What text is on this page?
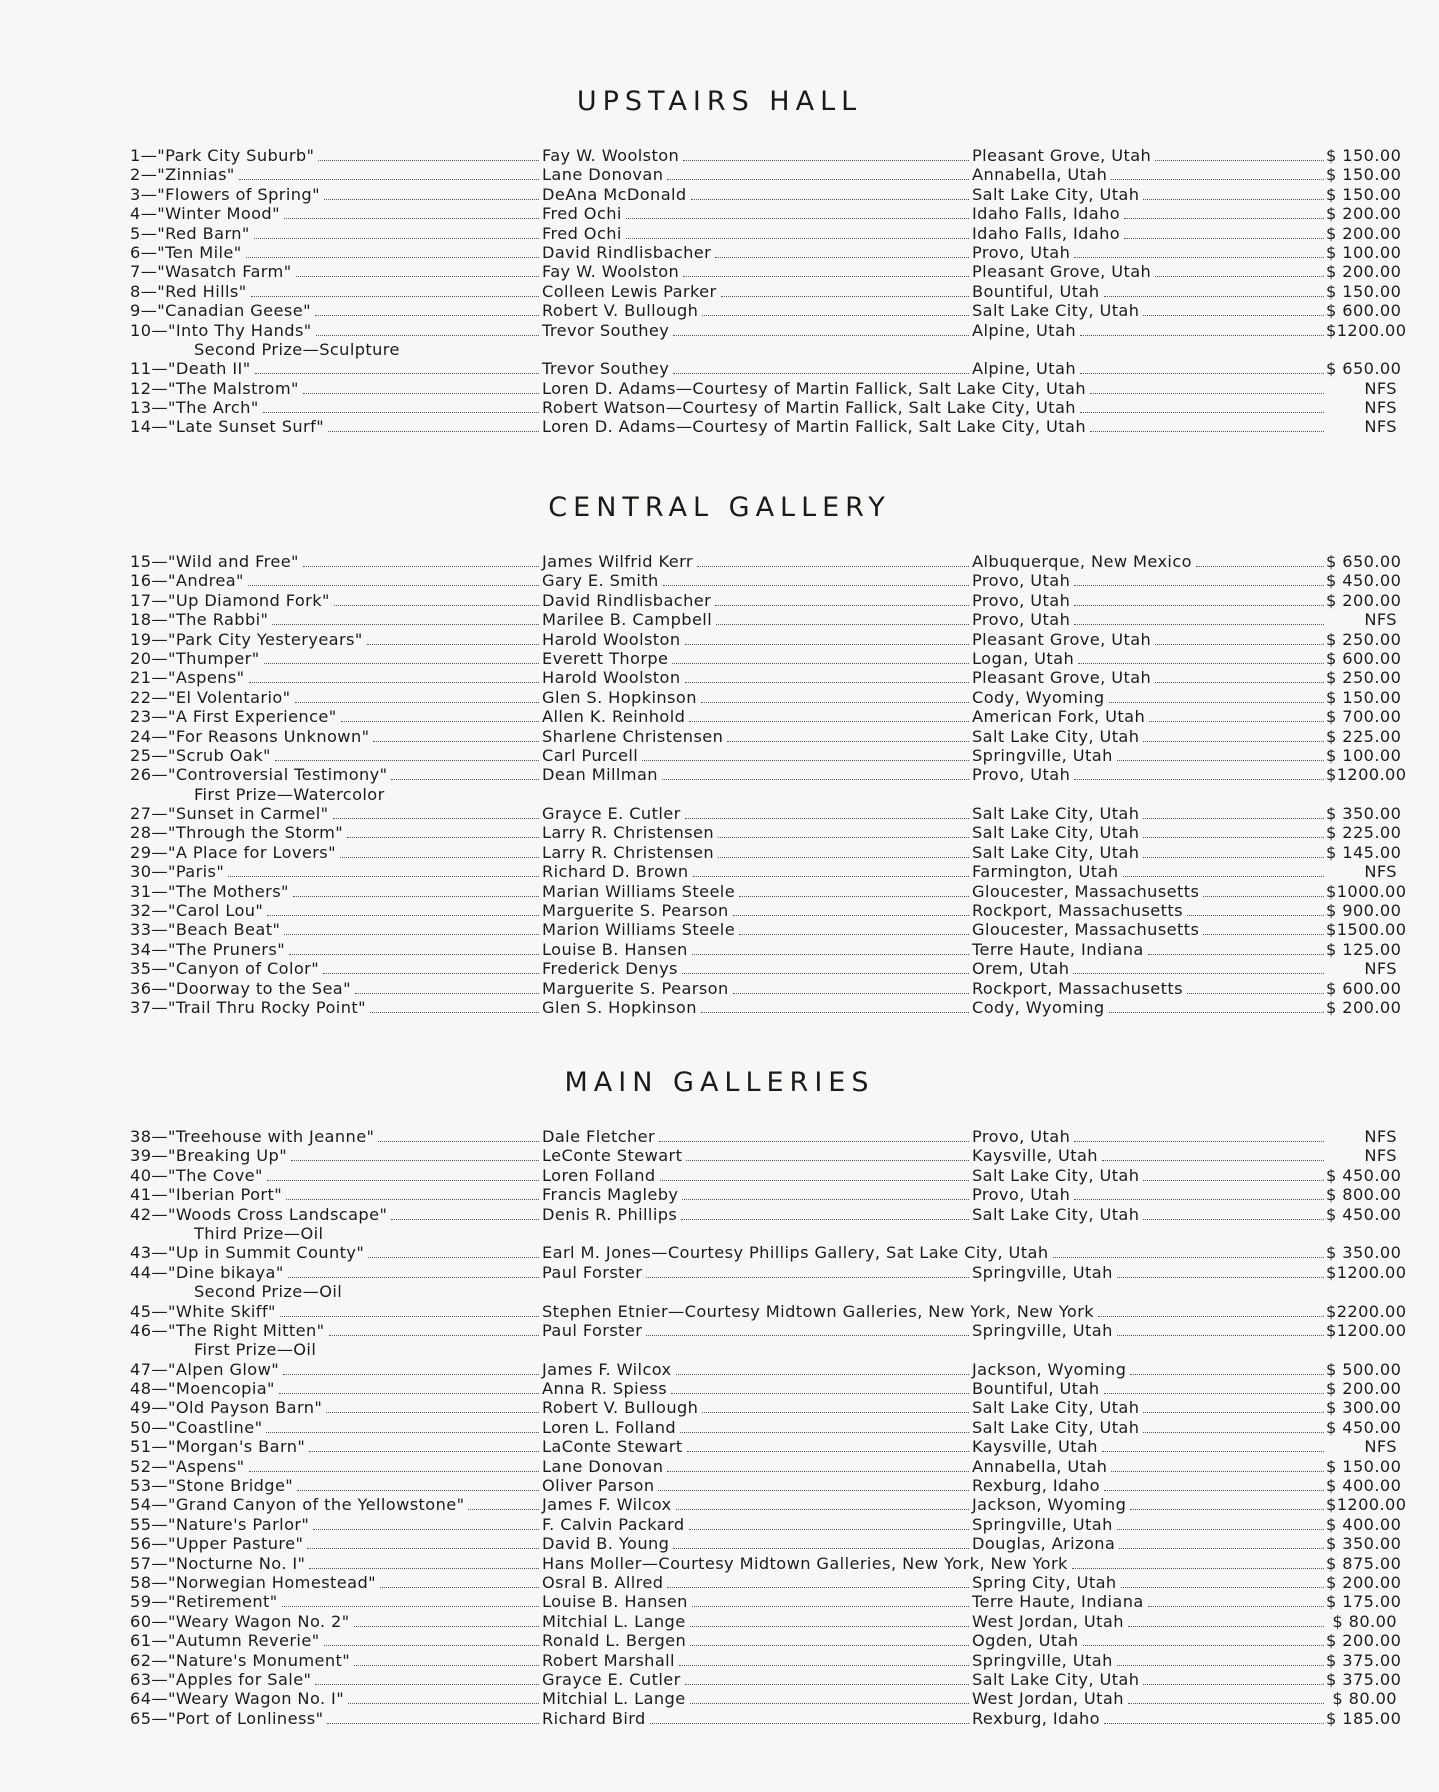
UPSTAIRS HALL
1—"Park City Suburb"	Fay W. Woolston	Pleasant Grove, Utah	$ 150.00
2—"Zinnias"	Lane Donovan	Annabella, Utah	$ 150.00
3—"Flowers of Spring"	DeAna McDonald	Salt Lake City, Utah	$ 150.00
4—"Winter Mood"	Fred Ochi	Idaho Falls, Idaho	$ 200.00
5—"Red Barn"	Fred Ochi	Idaho Falls, Idaho	$ 200.00
6—"Ten Mile"	David Rindlisbacher	Provo, Utah	$ 100.00
7—"Wasatch Farm"	Fay W. Woolston	Pleasant Grove, Utah	$ 200.00
8—"Red Hills"	Colleen Lewis Parker	Bountiful, Utah	$ 150.00
9—"Canadian Geese"	Robert V. Bullough	Salt Lake City, Utah	$ 600.00
10—"Into Thy Hands"	Trevor Southey	Alpine, Utah	$1200.00
Second Prize—Sculpture
11—"Death II"	Trevor Southey	Alpine, Utah	$ 650.00
12—"The Malstrom"	Loren D. Adams—Courtesy of Martin Fallick, Salt Lake City, Utah	NFS
13—"The Arch"	Robert Watson—Courtesy of Martin Fallick, Salt Lake City, Utah	NFS
14—"Late Sunset Surf"	Loren D. Adams—Courtesy of Martin Fallick, Salt Lake City, Utah	NFS
CENTRAL GALLERY
15—"Wild and Free"	James Wilfrid Kerr	Albuquerque, New Mexico	$ 650.00
16—"Andrea"	Gary E. Smith	Provo, Utah	$ 450.00
17—"Up Diamond Fork"	David Rindlisbacher	Provo, Utah	$ 200.00
18—"The Rabbi"	Marilee B. Campbell	Provo, Utah	NFS
19—"Park City Yesteryears"	Harold Woolston	Pleasant Grove, Utah	$ 250.00
20—"Thumper"	Everett Thorpe	Logan, Utah	$ 600.00
21—"Aspens"	Harold Woolston	Pleasant Grove, Utah	$ 250.00
22—"El Volentario"	Glen S. Hopkinson	Cody, Wyoming	$ 150.00
23—"A First Experience"	Allen K. Reinhold	American Fork, Utah	$ 700.00
24—"For Reasons Unknown"	Sharlene Christensen	Salt Lake City, Utah	$ 225.00
25—"Scrub Oak"	Carl Purcell	Springville, Utah	$ 100.00
26—"Controversial Testimony"	Dean Millman	Provo, Utah	$1200.00
First Prize—Watercolor
27—"Sunset in Carmel"	Grayce E. Cutler	Salt Lake City, Utah	$ 350.00
28—"Through the Storm"	Larry R. Christensen	Salt Lake City, Utah	$ 225.00
29—"A Place for Lovers"	Larry R. Christensen	Salt Lake City, Utah	$ 145.00
30—"Paris"	Richard D. Brown	Farmington, Utah	NFS
31—"The Mothers"	Marian Williams Steele	Gloucester, Massachusetts	$1000.00
32—"Carol Lou"	Marguerite S. Pearson	Rockport, Massachusetts	$ 900.00
33—"Beach Beat"	Marion Williams Steele	Gloucester, Massachusetts	$1500.00
34—"The Pruners"	Louise B. Hansen	Terre Haute, Indiana	$ 125.00
35—"Canyon of Color"	Frederick Denys	Orem, Utah	NFS
36—"Doorway to the Sea"	Marguerite S. Pearson	Rockport, Massachusetts	$ 600.00
37—"Trail Thru Rocky Point"	Glen S. Hopkinson	Cody, Wyoming	$ 200.00
MAIN GALLERIES
38—"Treehouse with Jeanne"	Dale Fletcher	Provo, Utah	NFS
39—"Breaking Up"	LeConte Stewart	Kaysville, Utah	NFS
40—"The Cove"	Loren Folland	Salt Lake City, Utah	$ 450.00
41—"Iberian Port"	Francis Magleby	Provo, Utah	$ 800.00
42—"Woods Cross Landscape"	Denis R. Phillips	Salt Lake City, Utah	$ 450.00
Third Prize—Oil
43—"Up in Summit County"	Earl M. Jones—Courtesy Phillips Gallery, Sat Lake City, Utah	$ 350.00
44—"Dine bikaya"	Paul Forster	Springville, Utah	$1200.00
Second Prize—Oil
45—"White Skiff"	Stephen Etnier—Courtesy Midtown Galleries, New York, New York	$2200.00
46—"The Right Mitten"	Paul Forster	Springville, Utah	$1200.00
First Prize—Oil
47—"Alpen Glow"	James F. Wilcox	Jackson, Wyoming	$ 500.00
48—"Moencopia"	Anna R. Spiess	Bountiful, Utah	$ 200.00
49—"Old Payson Barn"	Robert V. Bullough	Salt Lake City, Utah	$ 300.00
50—"Coastline"	Loren L. Folland	Salt Lake City, Utah	$ 450.00
51—"Morgan's Barn"	LaConte Stewart	Kaysville, Utah	NFS
52—"Aspens"	Lane Donovan	Annabella, Utah	$ 150.00
53—"Stone Bridge"	Oliver Parson	Rexburg, Idaho	$ 400.00
54—"Grand Canyon of the Yellowstone"	James F. Wilcox	Jackson, Wyoming	$1200.00
55—"Nature's Parlor"	F. Calvin Packard	Springville, Utah	$ 400.00
56—"Upper Pasture"	David B. Young	Douglas, Arizona	$ 350.00
57—"Nocturne No. I"	Hans Moller—Courtesy Midtown Galleries, New York, New York	$ 875.00
58—"Norwegian Homestead"	Osral B. Allred	Spring City, Utah	$ 200.00
59—"Retirement"	Louise B. Hansen	Terre Haute, Indiana	$ 175.00
60—"Weary Wagon No. 2"	Mitchial L. Lange	West Jordan, Utah	$ 80.00
61—"Autumn Reverie"	Ronald L. Bergen	Ogden, Utah	$ 200.00
62—"Nature's Monument"	Robert Marshall	Springville, Utah	$ 375.00
63—"Apples for Sale"	Grayce E. Cutler	Salt Lake City, Utah	$ 375.00
64—"Weary Wagon No. I"	Mitchial L. Lange	West Jordan, Utah	$ 80.00
65—"Port of Lonliness"	Richard Bird	Rexburg, Idaho	$ 185.00
